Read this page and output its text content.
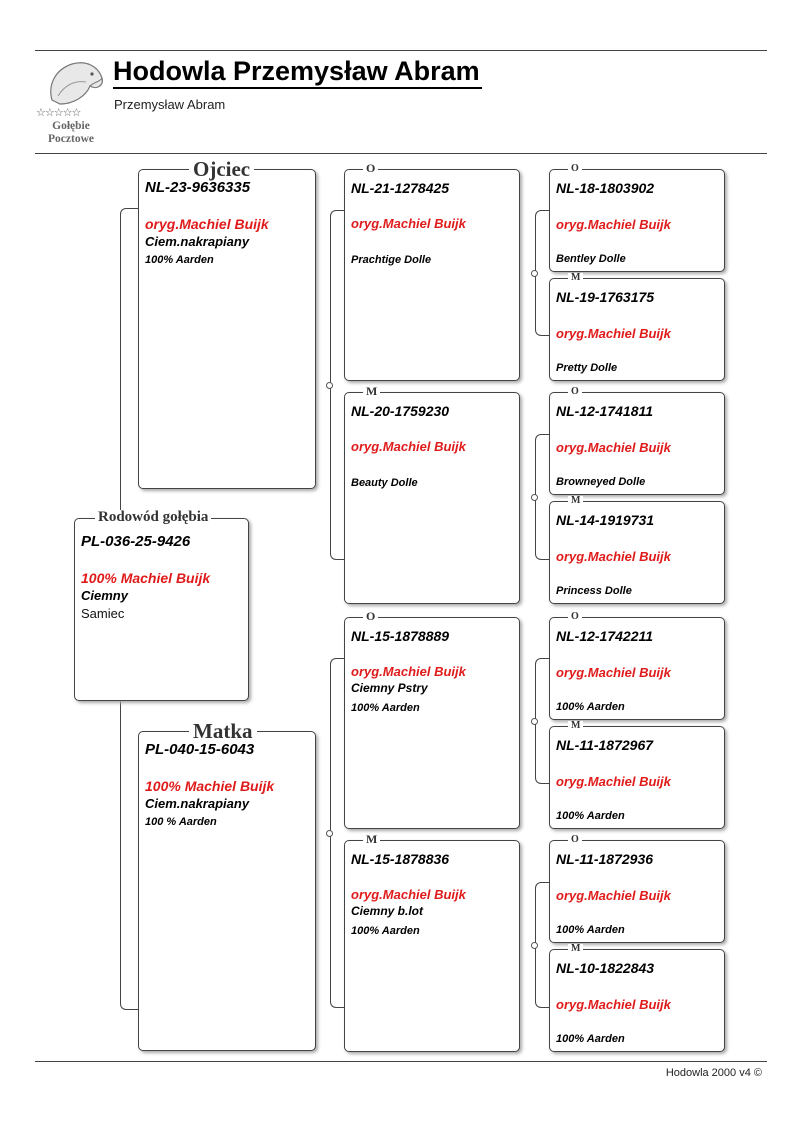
☆☆☆☆☆
Gołębie
Pocztowe
Hodowla Przemysław Abram
Przemysław Abram
Rodowód gołębia
PL-036-25-9426
100% Machiel Buijk
Ciemny
Samiec
Ojciec
NL-23-9636335
oryg.Machiel Buijk
Ciem.nakrapiany
100% Aarden
Matka
PL-040-15-6043
100% Machiel Buijk
Ciem.nakrapiany
100 % Aarden
O
NL-21-1278425
oryg.Machiel Buijk
Prachtige Dolle
M
NL-20-1759230
oryg.Machiel Buijk
Beauty Dolle
O
NL-15-1878889
oryg.Machiel Buijk
Ciemny Pstry
100% Aarden
M
NL-15-1878836
oryg.Machiel Buijk
Ciemny b.lot
100% Aarden
O
NL-18-1803902
oryg.Machiel Buijk
Bentley Dolle
M
NL-19-1763175
oryg.Machiel Buijk
Pretty Dolle
O
NL-12-1741811
oryg.Machiel Buijk
Browneyed Dolle
M
NL-14-1919731
oryg.Machiel Buijk
Princess Dolle
O
NL-12-1742211
oryg.Machiel Buijk
100% Aarden
M
NL-11-1872967
oryg.Machiel Buijk
100% Aarden
O
NL-11-1872936
oryg.Machiel Buijk
100% Aarden
M
NL-10-1822843
oryg.Machiel Buijk
100% Aarden
Hodowla 2000 v4 ©
